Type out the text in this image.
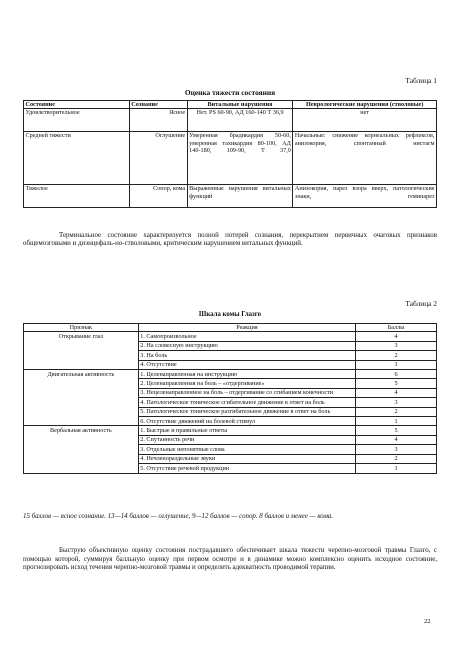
Таблица 1
Оценка тяжести состояния
Состояние	Сознание	Витальные нарушения	Неврологические нарушения (стволовые)
Удовлетворительное	Ясное	Нет. PS 60-90, АД 160-140 Т 36,9	нет
Средней тяжести	Оглушение	Умеренная брадикардия 50-60, умеренная тахикардия 80-100, АД 140-180, 109-90, Т 37,9	Начальные: снижение корнеальных рефлексов, анизокория, спонтанный нистагм
Тяжелое	Сопор, кома	Выраженные нарушения витальных функций	Анизокория, парез взора вверх, патологические знаки, гемипарез
Терминальное состояние характеризуется полной потерей сознания, перекрытием первичных очаговых признаков общемозговыми и диэнцефаль-но-стволовыми, критическим нарушением витальных функций.
Таблица 2
Шкала комы Глазго
Признак	Реакция	Баллы
Открывание глаз	1. Самопроизвольное	4
	2. На словесную инструкцию	3
	3. На боль	2
	4. Отсутствие	1
Двигательная активность	1. Целенаправленная на инструкцию	6
	2. Целенаправленная на боль – «отдергивание»	5
	3. Нецеленаправленное на боль – отдергивание со сгибанием конечности	4
	4. Патологическое тоническое сгибательное движение в ответ на боль	3
	5. Патологическое тоническое разгибательное движение в ответ на боль	2
	6. Отсутствие движений на болевой стимул	1
Вербальная активность	1. Быстрые и правильные ответы	5
	2. Спутанность речи	4
	3. Отдельные непонятные слова	3
	4. Нечленораздельные звуки	2
	5. Отсутствие речевой продукции	1
15 баллов — ясное сознание. 13—14 баллов — оглушение, 9—12 баллов — сопор. 8 баллов и менее — кома.
Быструю объективную оценку состояния пострадавшего обеспечивает шкала тяжести черепно-мозговой травмы Глазго, с помощью которой, суммируя балльную оценку при первом осмотре и в динамике можно комплексно оценить исходное состояние, прогнозировать исход течения черепно-мозговой травмы и определить адекватность проводимой терапии.
22
